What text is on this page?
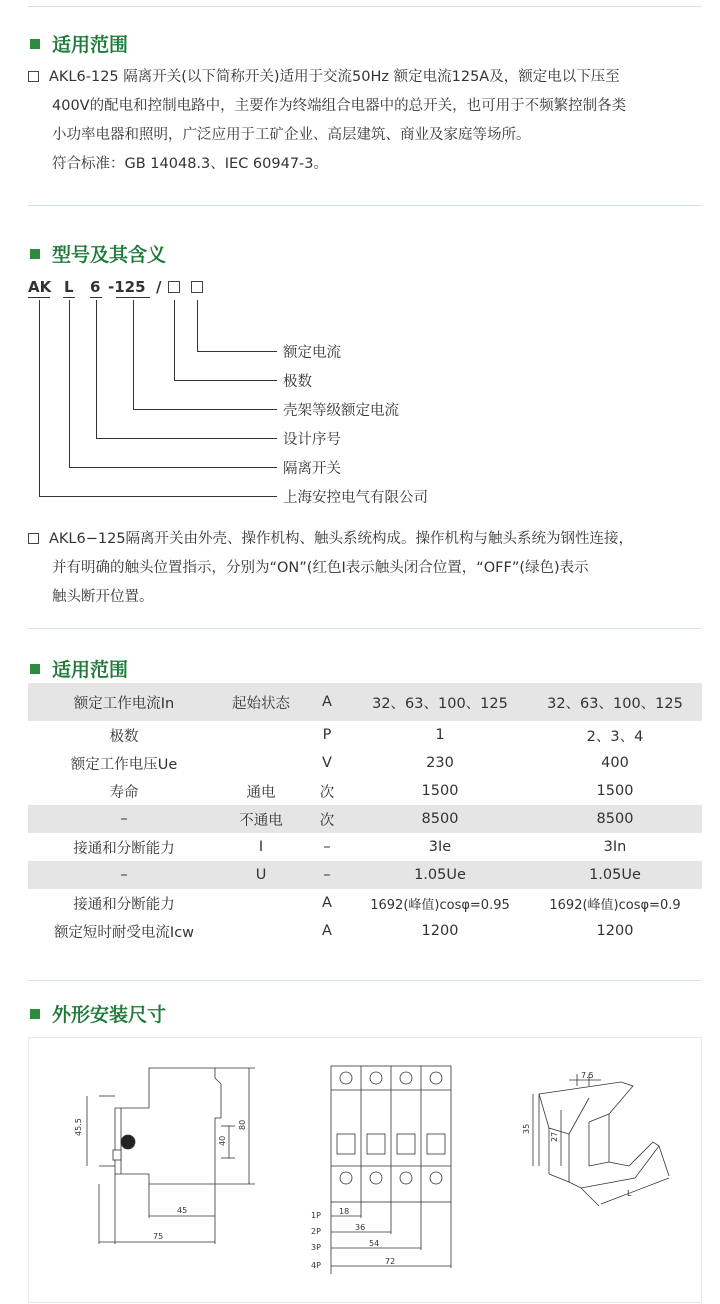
适用范围
AKL6-125 隔离开关(以下简称开关)适用于交流50Hz 额定电流125A及，额定电以下压至
400V的配电和控制电路中，主要作为终端组合电器中的总开关，也可用于不频繁控制各类
小功率电器和照明，广泛应用于工矿企业、高层建筑、商业及家庭等场所。
符合标准：GB 14048.3、IEC 60947-3。
型号及其含义
AK L 6 -125 /
额定电流
极数
壳架等级额定电流
设计序号
隔离开关
上海安控电气有限公司
AKL6−125隔离开关由外壳、操作机构、触头系统构成。操作机构与触头系统为钢性连接，
并有明确的触头位置指示，分别为“ON”(红色I表示触头闭合位置，“OFF”(绿色)表示
触头断开位置。
适用范围
额定工作电流In	起始状态	A	32、63、100、125	32、63、100、125
极数		P	1	2、3、4
额定工作电压Ue		V	230	400
寿命	通电	次	1500	1500
–	不通电	次	8500	8500
接通和分断能力	I	–	3Ie	3In
–	U	–	1.05Ue	1.05Ue
接通和分断能力		A	1692(峰值)cosφ=0.95	1692(峰值)cosφ=0.9
额定短时耐受电流Icw		A	1200	1200
外形安装尺寸
45.5
40
80
45
75
1P
2P
3P
4P
18
36
54
72
7.5
35
27
L
